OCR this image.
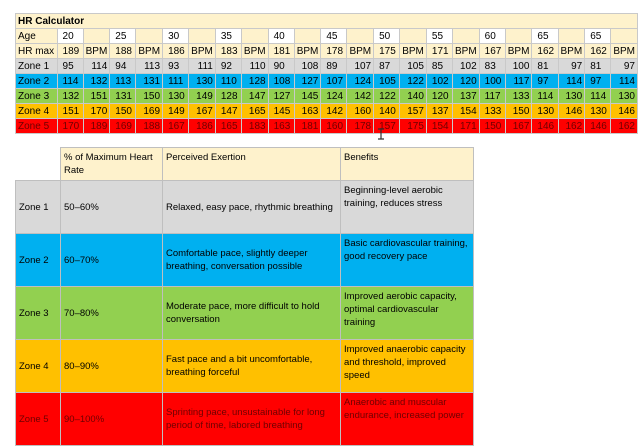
HR Calculator																						
Age	20		25		30		35		40		45		50		55		60		65		65	
HR max	189	BPM	188	BPM	186	BPM	183	BPM	181	BPM	178	BPM	175	BPM	171	BPM	167	BPM	162	BPM	162	BPM
Zone 1	95	114	94	113	93	111	92	110	90	108	89	107	87	105	85	102	83	100	81	97	81	97
Zone 2	114	132	113	131	111	130	110	128	108	127	107	124	105	122	102	120	100	117	97	114	97	114
Zone 3	132	151	131	150	130	149	128	147	127	145	124	142	122	140	120	137	117	133	114	130	114	130
Zone 4	151	170	150	169	149	167	147	165	145	163	142	160	140	157	137	154	133	150	130	146	130	146
Zone 5	170	189	169	188	167	186	165	183	163	181	160	178	157	175	154	171	150	167	146	162	146	162
	% of Maximum Heart Rate	Perceived Exertion	Benefits
Zone 1	50–60%	Relaxed, easy pace, rhythmic breathing	Beginning-level aerobic training, reduces stress
Zone 2	60–70%	Comfortable pace, slightly deeper breathing, conversation possible	Basic cardiovascular training, good recovery pace
Zone 3	70–80%	Moderate pace, more difficult to hold conversation	Improved aerobic capacity, optimal cardiovascular training
Zone 4	80–90%	Fast pace and a bit uncomfortable, breathing forceful	Improved anaerobic capacity and threshold, improved speed
Zone 5	90–100%	Sprinting pace, unsustainable for long period of time, labored breathing	Anaerobic and muscular endurance, increased power
